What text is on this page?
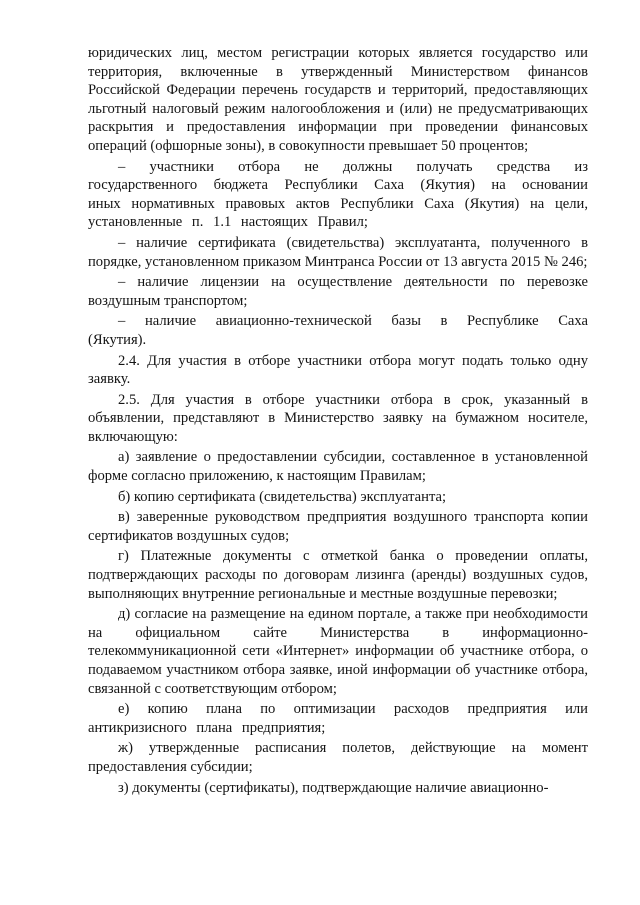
юридических лиц, местом регистрации которых является государство или территория, включенные в утвержденный Министерством финансов Российской Федерации перечень государств и территорий, предоставляющих льготный налоговый режим налогообложения и (или) не предусматривающих раскрытия и предоставления информации при проведении финансовых операций (офшорные зоны), в совокупности превышает 50 процентов;

– участники отбора не должны получать средства из государственного бюджета Республики Саха (Якутия) на основании иных нормативных правовых актов Республики Саха (Якутия) на цели, установленные п. 1.1 настоящих Правил;

– наличие сертификата (свидетельства) эксплуатанта, полученного в порядке, установленном приказом Минтранса России от 13 августа 2015 № 246;

– наличие лицензии на осуществление деятельности по перевозке воздушным транспортом;

– наличие авиационно-технической базы в Республике Саха (Якутия).

2.4. Для участия в отборе участники отбора могут подать только одну заявку.

2.5. Для участия в отборе участники отбора в срок, указанный в объявлении, представляют в Министерство заявку на бумажном носителе, включающую:

а) заявление о предоставлении субсидии, составленное в установленной форме согласно приложению, к настоящим Правилам;

б) копию сертификата (свидетельства) эксплуатанта;

в) заверенные руководством предприятия воздушного транспорта копии сертификатов воздушных судов;

г) Платежные документы с отметкой банка о проведении оплаты, подтверждающих расходы по договорам лизинга (аренды) воздушных судов, выполняющих внутренние региональные и местные воздушные перевозки;

д) согласие на размещение на едином портале, а также при необходимости на официальном сайте Министерства в информационно-телекоммуникационной сети «Интернет» информации об участнике отбора, о подаваемом участником отбора заявке, иной информации об участнике отбора, связанной с соответствующим отбором;

е) копию плана по оптимизации расходов предприятия или антикризисного плана предприятия;

ж) утвержденные расписания полетов, действующие на момент предоставления субсидии;

з) документы (сертификаты), подтверждающие наличие авиационно-
